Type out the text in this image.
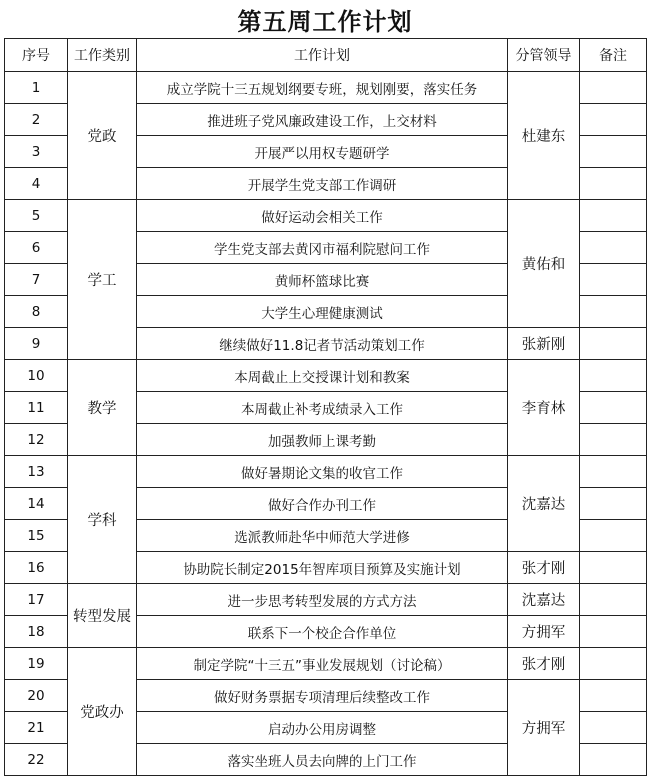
第五周工作计划
序号	工作类别	工作计划	分管领导	备注
1	党政	成立学院十三五规划纲要专班，规划刚要，落实任务	杜建东	
2		推进班子党风廉政建设工作，上交材料		
3		开展严以用权专题研学		
4		开展学生党支部工作调研		
5	学工	做好运动会相关工作	黄佑和	
6		学生党支部去黄冈市福利院慰问工作		
7		黄师杯篮球比赛		
8		大学生心理健康测试		
9		继续做好11.8记者节活动策划工作	张新刚	
10	教学	本周截止上交授课计划和教案	李育林	
11		本周截止补考成绩录入工作		
12		加强教师上课考勤		
13	学科	做好暑期论文集的收官工作	沈嘉达	
14		做好合作办刊工作		
15		选派教师赴华中师范大学进修		
16		协助院长制定2015年智库项目预算及实施计划	张才刚	
17	转型发展	进一步思考转型发展的方式方法	沈嘉达	
18		联系下一个校企合作单位	方拥军	
19	党政办	制定学院“十三五”事业发展规划（讨论稿）	张才刚	
20		做好财务票据专项清理后续整改工作	方拥军	
21		启动办公用房调整		
22		落实坐班人员去向牌的上门工作		
